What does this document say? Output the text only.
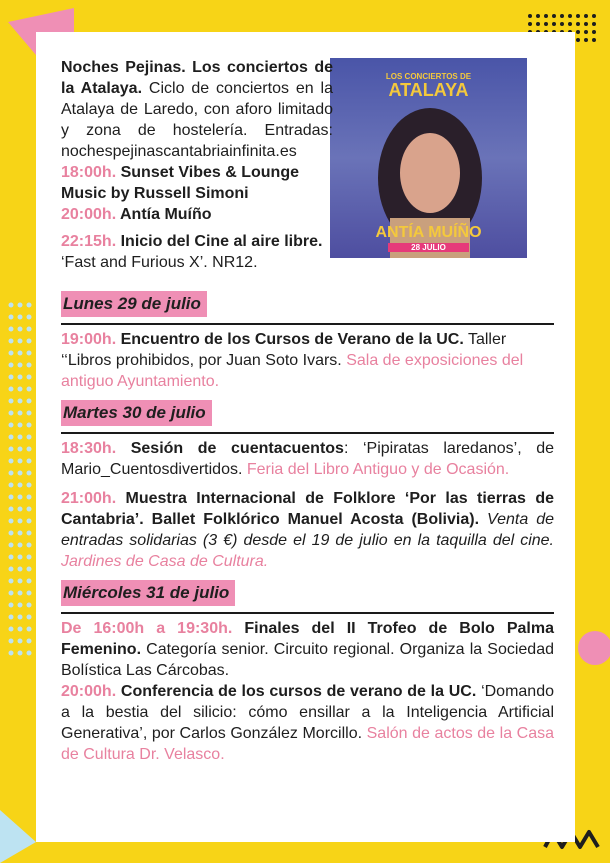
LOS CONCIERTOS DE
ATALAYA
ANTÍA MUÍÑO
28 JULIO

Noches Pejinas. Los conciertos de la Atalaya. Ciclo de conciertos en la Atalaya de Laredo, con aforo limitado y zona de hostelería. Entradas: nochespejinascantabriainfinita.es

18:00h. Sunset Vibes & Lounge Music by Russell Simoni

20:00h. Antía Muíño

22:15h. Inicio del Cine al aire libre. ‘Fast and Furious X’. NR12.

Lunes 29 de julio

19:00h. Encuentro de los Cursos de Verano de la UC. Taller ‘‘Libros prohibidos, por Juan Soto Ivars. Sala de exposiciones del antiguo Ayuntamiento.

Martes 30 de julio

18:30h. Sesión de cuentacuentos: ‘Pipiratas laredanos’, de Mario_Cuentosdivertidos. Feria del Libro Antiguo y de Ocasión.

21:00h. Muestra Internacional de Folklore ‘Por las tierras de Cantabria’. Ballet Folklórico Manuel Acosta (Bolivia). Venta de entradas solidarias (3 €) desde el 19 de julio en la taquilla del cine. Jardines de Casa de Cultura.

Miércoles 31 de julio

De 16:00h a 19:30h. Finales del II Trofeo de Bolo Palma Femenino. Categoría senior. Circuito regional. Organiza la Sociedad Bolística Las Cárcobas.

20:00h. Conferencia de los cursos de verano de la UC. ‘Domando a la bestia del silicio: cómo ensillar a la Inteligencia Artificial Generativa’, por Carlos González Morcillo. Salón de actos de la Casa de Cultura Dr. Velasco.
